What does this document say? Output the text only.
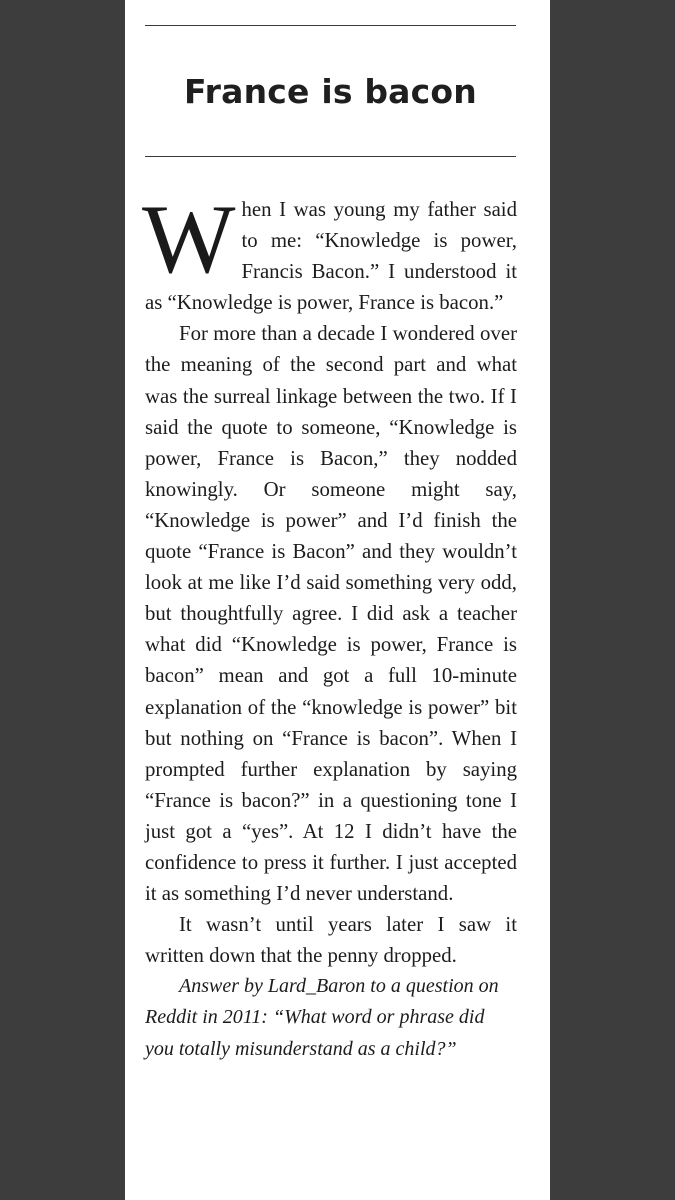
France is bacon

When I was young my father said to me: “Knowledge is power, Francis Bacon.” I understood it as “Knowledge is power, France is bacon.”

For more than a decade I wondered over the meaning of the second part and what was the surreal linkage between the two. If I said the quote to someone, “Knowledge is power, France is Bacon,” they nodded knowingly. Or someone might say, “Knowledge is power” and I’d finish the quote “France is Bacon” and they wouldn’t look at me like I’d said something very odd, but thoughtfully agree. I did ask a teacher what did “Knowledge is power, France is bacon” mean and got a full 10-minute explanation of the “knowledge is power” bit but nothing on “France is bacon”. When I prompted further explanation by saying “France is bacon?” in a questioning tone I just got a “yes”. At 12 I didn’t have the confidence to press it further. I just accepted it as something I’d never understand.

It wasn’t until years later I saw it written down that the penny dropped.

Answer by Lard_Baron to a question on Reddit in 2011: “What word or phrase did you totally misunderstand as a child?”
